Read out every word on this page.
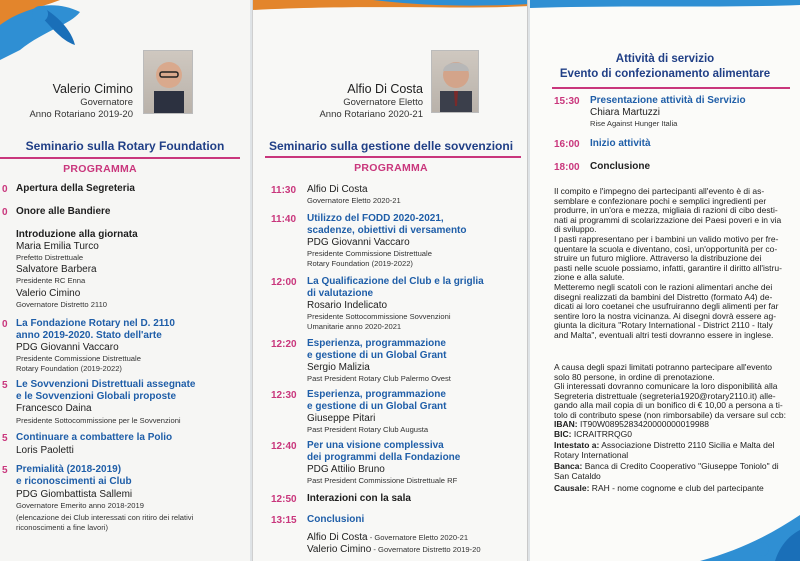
Valerio Cimino
Governatore
Anno Rotariano 2019-20
Seminario sulla Rotary Foundation
PROGRAMMA
0 Apertura della Segreteria
0 Onore alle Bandiere
Introduzione alla giornata
Maria Emilia Turco
Prefetto Distrettuale
Salvatore Barbera
Presidente RC Enna
Valerio Cimino
Governatore Distretto 2110
0 La Fondazione Rotary nel D. 2110
anno 2019-2020. Stato dell'arte
PDG Giovanni Vaccaro
Presidente Commissione Distrettuale
Rotary Foundation (2019-2022)
5 Le Sovvenzioni Distrettuali assegnate
e le Sovvenzioni Globali proposte
Francesco Daina
Presidente Sottocommissione per le Sovvenzioni
5 Continuare a combattere la Polio
Loris Paoletti
5 Premialità (2018-2019)
e riconoscimenti ai Club
PDG Giombattista Sallemi
Governatore Emerito anno 2018-2019
(elencazione dei Club interessati con ritiro dei relativi
riconoscimenti a fine lavori)
Alfio Di Costa
Governatore Eletto
Anno Rotariano 2020-21
Seminario sulla gestione delle sovvenzioni
PROGRAMMA
11:30 Alfio Di Costa
Governatore Eletto 2020-21
11:40 Utilizzo del FODD 2020-2021,
scadenze, obiettivi di versamento
PDG Giovanni Vaccaro
Presidente Commissione Distrettuale
Rotary Foundation (2019-2022)
12:00 La Qualificazione del Club e la griglia
di valutazione
Rosario Indelicato
Presidente Sottocommissione Sovvenzioni
Umanitarie anno 2020-2021
12:20 Esperienza, programmazione
e gestione di un Global Grant
Sergio Malizia
Past President Rotary Club Palermo Ovest
12:30 Esperienza, programmazione
e gestione di un Global Grant
Giuseppe Pitari
Past President Rotary Club Augusta
12:40 Per una visione complessiva
dei programmi della Fondazione
PDG Attilio Bruno
Past President Commissione Distrettuale RF
12:50 Interazioni con la sala
13:15 Conclusioni
Alfio Di Costa - Governatore Eletto 2020-21
Valerio Cimino - Governatore Distretto 2019-20
Attività di servizio
Evento di confezionamento alimentare
15:30 Presentazione attività di Servizio
Chiara Martuzzi
Rise Against Hunger Italia
16:00 Inizio attività
18:00 Conclusione
Il compito e l'impegno dei partecipanti all'evento è di as-
semblare e confezionare pochi e semplici ingredienti per
produrre, in un'ora e mezza, migliaia di razioni di cibo desti-
nati ai programmi di scolarizzazione dei Paesi poveri e in via
di sviluppo.
I pasti rappresentano per i bambini un valido motivo per fre-
quentare la scuola e diventano, così, un'opportunità per co-
struire un futuro migliore. Attraverso la distribuzione dei
pasti nelle scuole possiamo, infatti, garantire il diritto all'istru-
zione e alla salute.
Metteremo negli scatoli con le razioni alimentari anche dei
disegni realizzati da bambini del Distretto (formato A4) de-
dicati ai loro coetanei che usufruiranno degli alimenti per far
sentire loro la nostra vicinanza. Ai disegni dovrà essere ag-
giunta la dicitura "Rotary International - District 2110 - Italy
and Malta", eventuali altri testi dovranno essere in inglese.
A causa degli spazi limitati potranno partecipare all'evento
solo 80 persone, in ordine di prenotazione.
Gli interessati dovranno comunicare la loro disponibilità alla
Segreteria distrettuale (segreteria1920@rotary2110.it) alle-
gando alla mail copia di un bonifico di € 10,00 a persona a ti-
tolo di contributo spese (non rimborsabile) da versare sul ccb:
IBAN: IT90W0895283420000000019988
BIC: ICRAITRRQG0
Intestato a: Associazione Distretto 2110 Sicilia e Malta del
Rotary International
Banca: Banca di Credito Cooperativo "Giuseppe Toniolo" di
San Cataldo
Causale: RAH - nome cognome e club del partecipante
